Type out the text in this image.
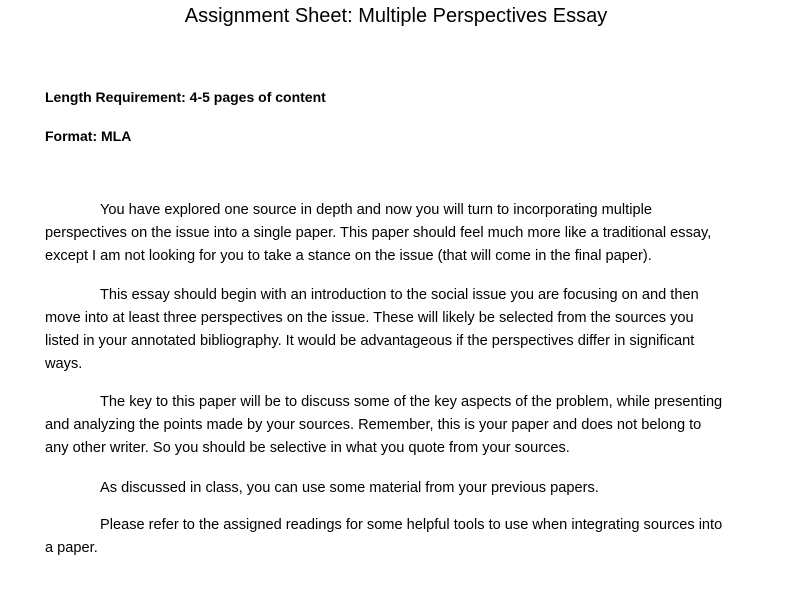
Assignment Sheet: Multiple Perspectives Essay
Length Requirement: 4-5 pages of content
Format: MLA
You have explored one source in depth and now you will turn to incorporating multiple
perspectives on the issue into a single paper. This paper should feel much more like a traditional essay,
except I am not looking for you to take a stance on the issue (that will come in the final paper).
This essay should begin with an introduction to the social issue you are focusing on and then
move into at least three perspectives on the issue. These will likely be selected from the sources you
listed in your annotated bibliography. It would be advantageous if the perspectives differ in significant
ways.
The key to this paper will be to discuss some of the key aspects of the problem, while presenting
and analyzing the points made by your sources. Remember, this is your paper and does not belong to
any other writer. So you should be selective in what you quote from your sources.
As discussed in class, you can use some material from your previous papers.
Please refer to the assigned readings for some helpful tools to use when integrating sources into
a paper.
